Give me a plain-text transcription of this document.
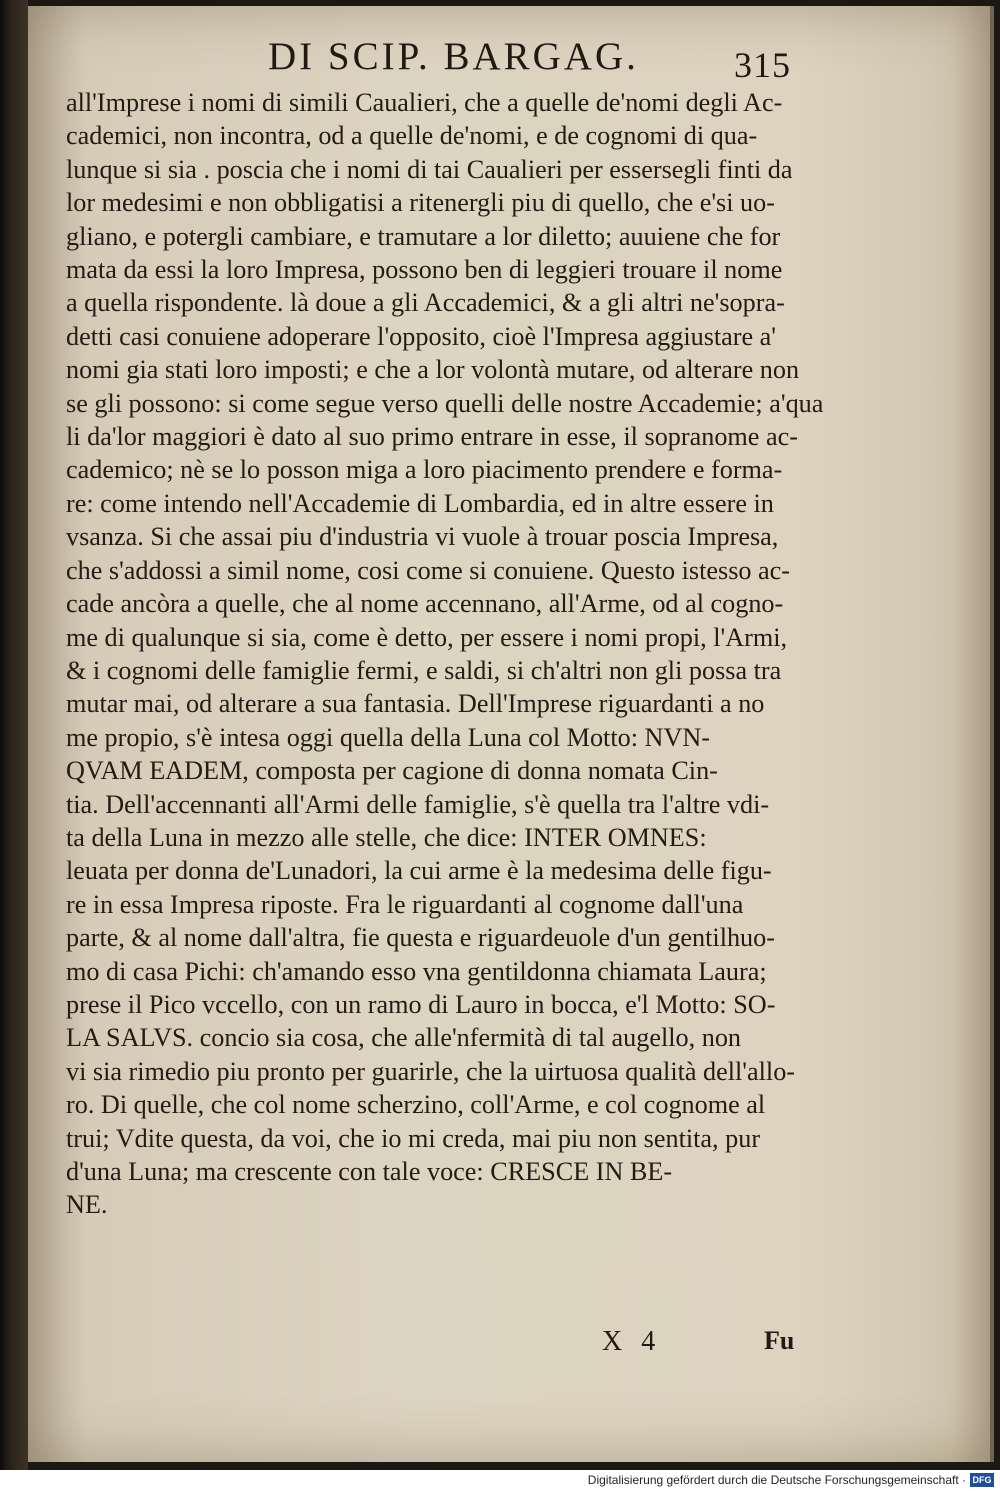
DI SCIP. BARGAG.	315
all'Imprese i nomi di simili Caualieri, che a quelle de'nomi degli Ac-
cademici, non incontra, od a quelle de'nomi, e de cognomi di qua-
lunque si sia . poscia che i nomi di tai Caualieri per essersegli finti da
lor medesimi e non obbligatisi a ritenergli piu di quello, che e'si uo-
gliano, e potergli cambiare, e tramutare a lor diletto; auuiene che for
mata da essi la loro Impresa, possono ben di leggieri trouare il nome
a quella rispondente. là doue a gli Accademici, & a gli altri ne'sopra-
detti casi conuiene adoperare l'opposito, cioè l'Impresa aggiustare a'
nomi gia stati loro imposti; e che a lor volontà mutare, od alterare non
se gli possono: si come segue verso quelli delle nostre Accademie; a'qua
li da'lor maggiori è dato al suo primo entrare in esse, il sopranome ac-
cademico; nè se lo posson miga a loro piacimento prendere e forma-
re: come intendo nell'Accademie di Lombardia, ed in altre essere in
vsanza. Si che assai piu d'industria vi vuole à trouar poscia Impresa,
che s'addossi a simil nome, cosi come si conuiene. Questo istesso ac-
cade ancòra a quelle, che al nome accennano, all'Arme, od al cogno-
me di qualunque si sia, come è detto, per essere i nomi propi, l'Armi,
& i cognomi delle famiglie fermi, e saldi, si ch'altri non gli possa tra
mutar mai, od alterare a sua fantasia. Dell'Imprese riguardanti a no
me propio, s'è intesa oggi quella della Luna col Motto: NVN-
QVAM EADEM, composta per cagione di donna nomata Cin-
tia. Dell'accennanti all'Armi delle famiglie, s'è quella tra l'altre vdi-
ta della Luna in mezzo alle stelle, che dice: INTER OMNES:
leuata per donna de'Lunadori, la cui arme è la medesima delle figu-
re in essa Impresa riposte. Fra le riguardanti al cognome dall'una
parte, & al nome dall'altra, fie questa e riguardeuole d'un gentilhuo-
mo di casa Pichi: ch'amando esso vna gentildonna chiamata Laura;
prese il Pico vccello, con un ramo di Lauro in bocca, e'l Motto: SO-
LA SALVS. concio sia cosa, che alle'nfermità di tal augello, non
vi sia rimedio piu pronto per guarirle, che la uirtuosa qualità dell'allo-
ro. Di quelle, che col nome scherzino, coll'Arme, e col cognome al
trui; Vdite questa, da voi, che io mi creda, mai piu non sentita, pur
d'una Luna; ma crescente con tale voce: CRESCE IN BE-
NE.
X 4	Fu
Digitalisierung gefördert durch die Deutsche Forschungsgemeinschaft · DFG
